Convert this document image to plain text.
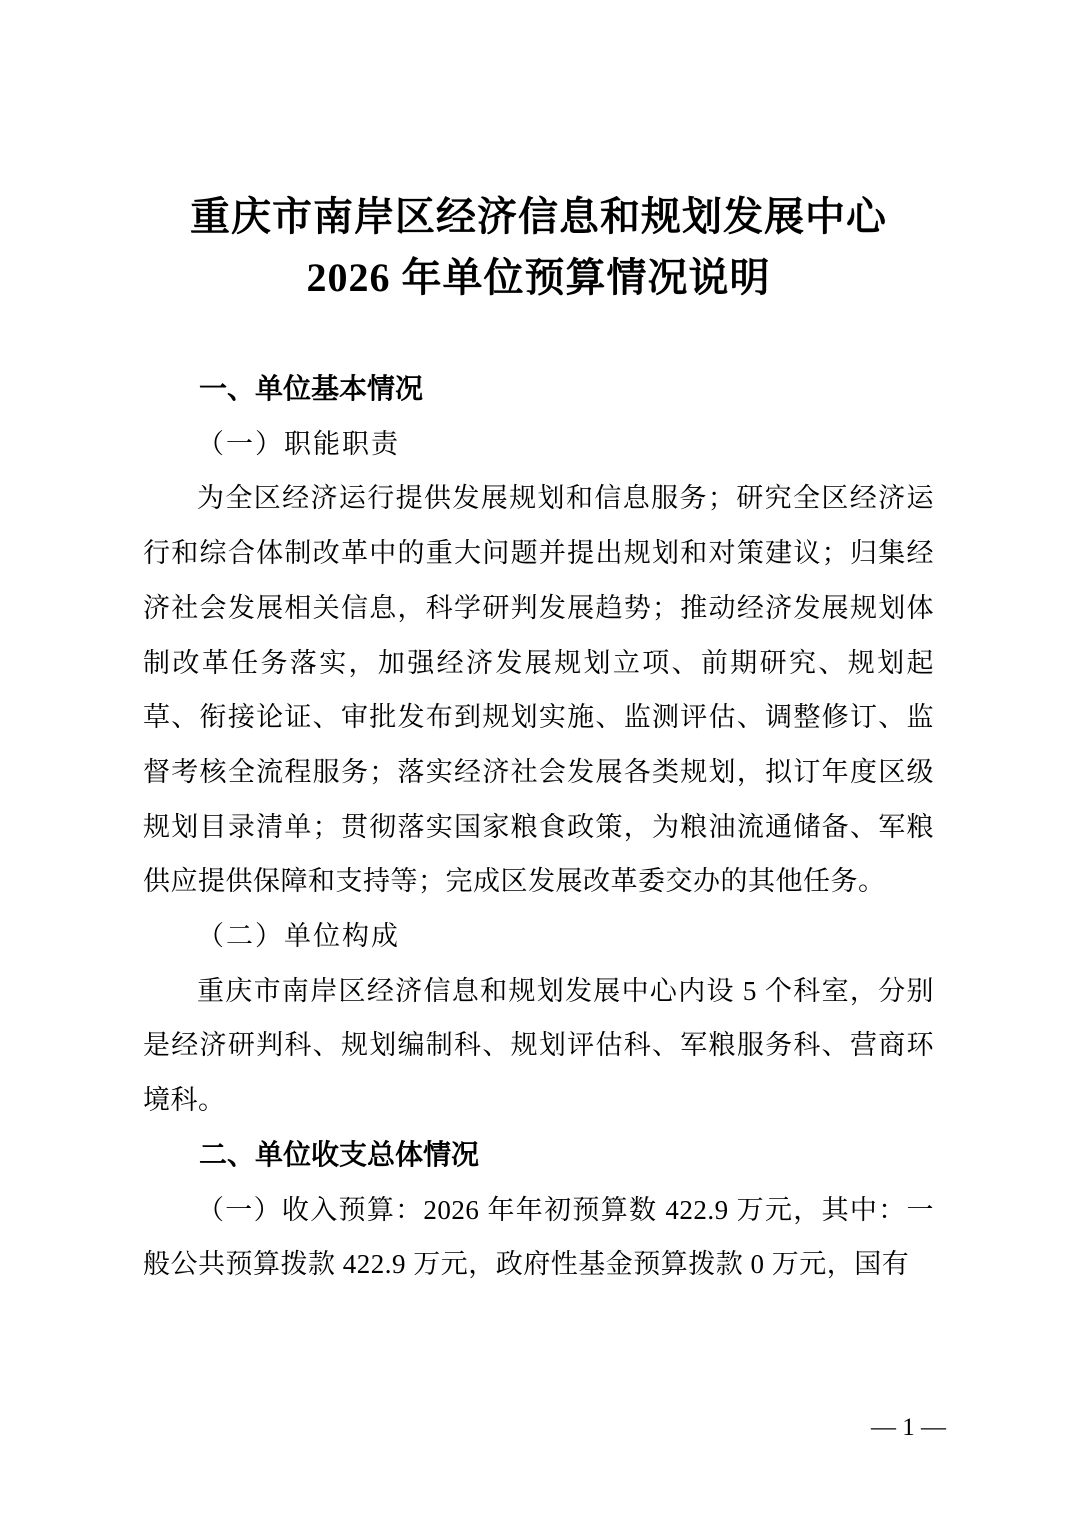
重庆市南岸区经济信息和规划发展中心
2026 年单位预算情况说明
一、单位基本情况

（一）职能职责

为全区经济运行提供发展规划和信息服务；研究全区经济运行和综合体制改革中的重大问题并提出规划和对策建议；归集经济社会发展相关信息，科学研判发展趋势；推动经济发展规划体制改革任务落实，加强经济发展规划立项、前期研究、规划起草、衔接论证、审批发布到规划实施、监测评估、调整修订、监督考核全流程服务；落实经济社会发展各类规划，拟订年度区级规划目录清单；贯彻落实国家粮食政策，为粮油流通储备、军粮供应提供保障和支持等；完成区发展改革委交办的其他任务。

（二）单位构成

重庆市南岸区经济信息和规划发展中心内设 5 个科室，分别是经济研判科、规划编制科、规划评估科、军粮服务科、营商环境科。

二、单位收支总体情况

（一）收入预算：2026 年年初预算数 422.9 万元，其中：一般公共预算拨款 422.9 万元，政府性基金预算拨款 0 万元，国有

— 1 —
